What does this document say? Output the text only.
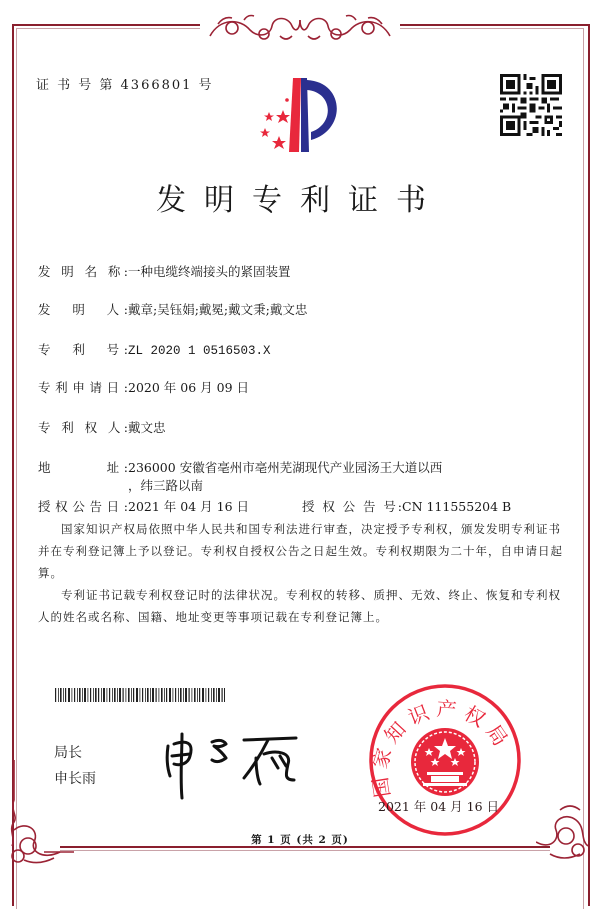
证 书 号 第 4366801 号
发明专利证书
发 明 名 称:一种电缆终端接头的紧固装置
发　明　人:戴章;吴钰娟;戴冕;戴文秉;戴文忠
专　利　号:ZL 2020 1 0516503.X
专利申请日:2020 年 06 月 09 日
专 利 权 人:戴文忠
地　　　址:236000 安徽省亳州市亳州芜湖现代产业园汤王大道以西
，纬三路以南
授权公告日:2021 年 04 月 16 日	授 权 公 告 号:CN 111555204 B
国家知识产权局依照中华人民共和国专利法进行审查，决定授予专利权，颁发发明专利证书并在专利登记簿上予以登记。专利权自授权公告之日起生效。专利权期限为二十年，自申请日起算。
专利证书记载专利权登记时的法律状况。专利权的转移、质押、无效、终止、恢复和专利权人的姓名或名称、国籍、地址变更等事项记载在专利登记簿上。
局长
申长雨	国家知识产权局
2021 年 04 月 16 日
第 1 页 (共 2 页)
